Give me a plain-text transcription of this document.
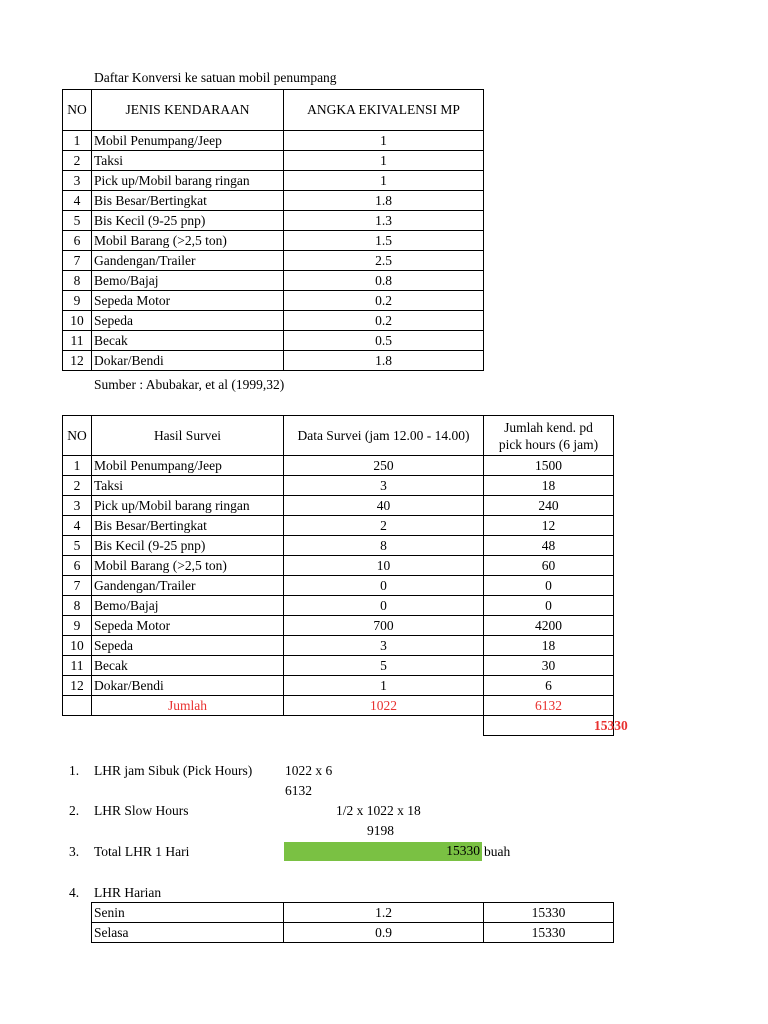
Daftar Konversi ke satuan mobil penumpang
NO	JENIS KENDARAAN	ANGKA EKIVALENSI MP
1	Mobil Penumpang/Jeep	1
2	Taksi	1
3	Pick up/Mobil barang ringan	1
4	Bis Besar/Bertingkat	1.8
5	Bis Kecil (9-25 pnp)	1.3
6	Mobil Barang (>2,5 ton)	1.5
7	Gandengan/Trailer	2.5
8	Bemo/Bajaj	0.8
9	Sepeda Motor	0.2
10	Sepeda	0.2
11	Becak	0.5
12	Dokar/Bendi	1.8
Sumber : Abubakar, et al (1999,32)
NO	Hasil Survei	Data Survei (jam 12.00 - 14.00)	Jumlah kend. pd
pick hours (6 jam)
1	Mobil Penumpang/Jeep	250	1500
2	Taksi	3	18
3	Pick up/Mobil barang ringan	40	240
4	Bis Besar/Bertingkat	2	12
5	Bis Kecil (9-25 pnp)	8	48
6	Mobil Barang (>2,5 ton)	10	60
7	Gandengan/Trailer	0	0
8	Bemo/Bajaj	0	0
9	Sepeda Motor	700	4200
10	Sepeda	3	18
11	Becak	5	30
12	Dokar/Bendi	1	6
	Jumlah	1022	6132

			15330
1. LHR jam Sibuk (Pick Hours) 1022 x 6
6132
2. LHR Slow Hours	1/2 x 1022 x 18
9198
3. Total LHR 1 Hari	15330 buah
4. LHR Harian
Senin	1.2	15330
Selasa	0.9	15330
